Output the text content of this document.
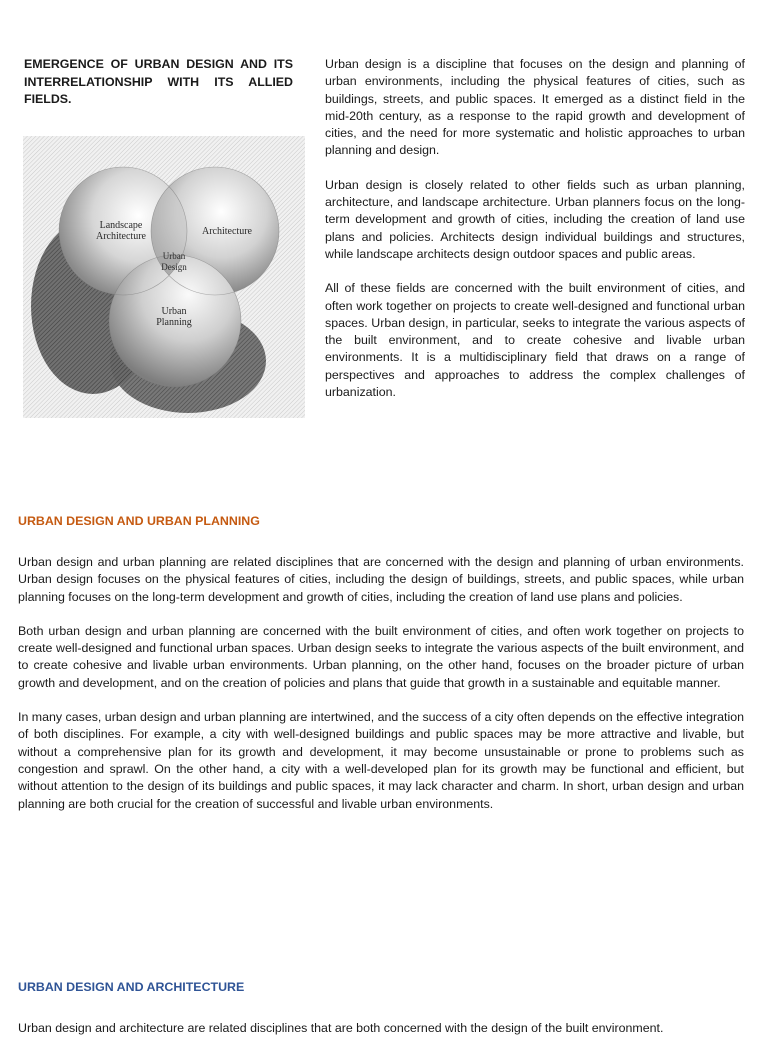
EMERGENCE OF URBAN DESIGN AND ITS INTERRELATIONSHIP WITH ITS ALLIED FIELDS.
Landscape
Architecture	Architecture
Urban
Design
Urban
Planning

Urban design is a discipline that focuses on the design and planning of urban environments, including the physical features of cities, such as buildings, streets, and public spaces. It emerged as a distinct field in the mid-20th century, as a response to the rapid growth and development of cities, and the need for more systematic and holistic approaches to urban planning and design.

Urban design is closely related to other fields such as urban planning, architecture, and landscape architecture. Urban planners focus on the long-term development and growth of cities, including the creation of land use plans and policies. Architects design individual buildings and structures, while landscape architects design outdoor spaces and public areas.

All of these fields are concerned with the built environment of cities, and often work together on projects to create well-designed and functional urban spaces. Urban design, in particular, seeks to integrate the various aspects of the built environment, and to create cohesive and livable urban environments. It is a multidisciplinary field that draws on a range of perspectives and approaches to address the complex challenges of urbanization.

URBAN DESIGN AND URBAN PLANNING

Urban design and urban planning are related disciplines that are concerned with the design and planning of urban environments. Urban design focuses on the physical features of cities, including the design of buildings, streets, and public spaces, while urban planning focuses on the long-term development and growth of cities, including the creation of land use plans and policies.

Both urban design and urban planning are concerned with the built environment of cities, and often work together on projects to create well-designed and functional urban spaces. Urban design seeks to integrate the various aspects of the built environment, and to create cohesive and livable urban environments. Urban planning, on the other hand, focuses on the broader picture of urban growth and development, and on the creation of policies and plans that guide that growth in a sustainable and equitable manner.

In many cases, urban design and urban planning are intertwined, and the success of a city often depends on the effective integration of both disciplines. For example, a city with well-designed buildings and public spaces may be more attractive and livable, but without a comprehensive plan for its growth and development, it may become unsustainable or prone to problems such as congestion and sprawl. On the other hand, a city with a well-developed plan for its growth may be functional and efficient, but without attention to the design of its buildings and public spaces, it may lack character and charm. In short, urban design and urban planning are both crucial for the creation of successful and livable urban environments.

URBAN DESIGN AND ARCHITECTURE

Urban design and architecture are related disciplines that are both concerned with the design of the built environment.
